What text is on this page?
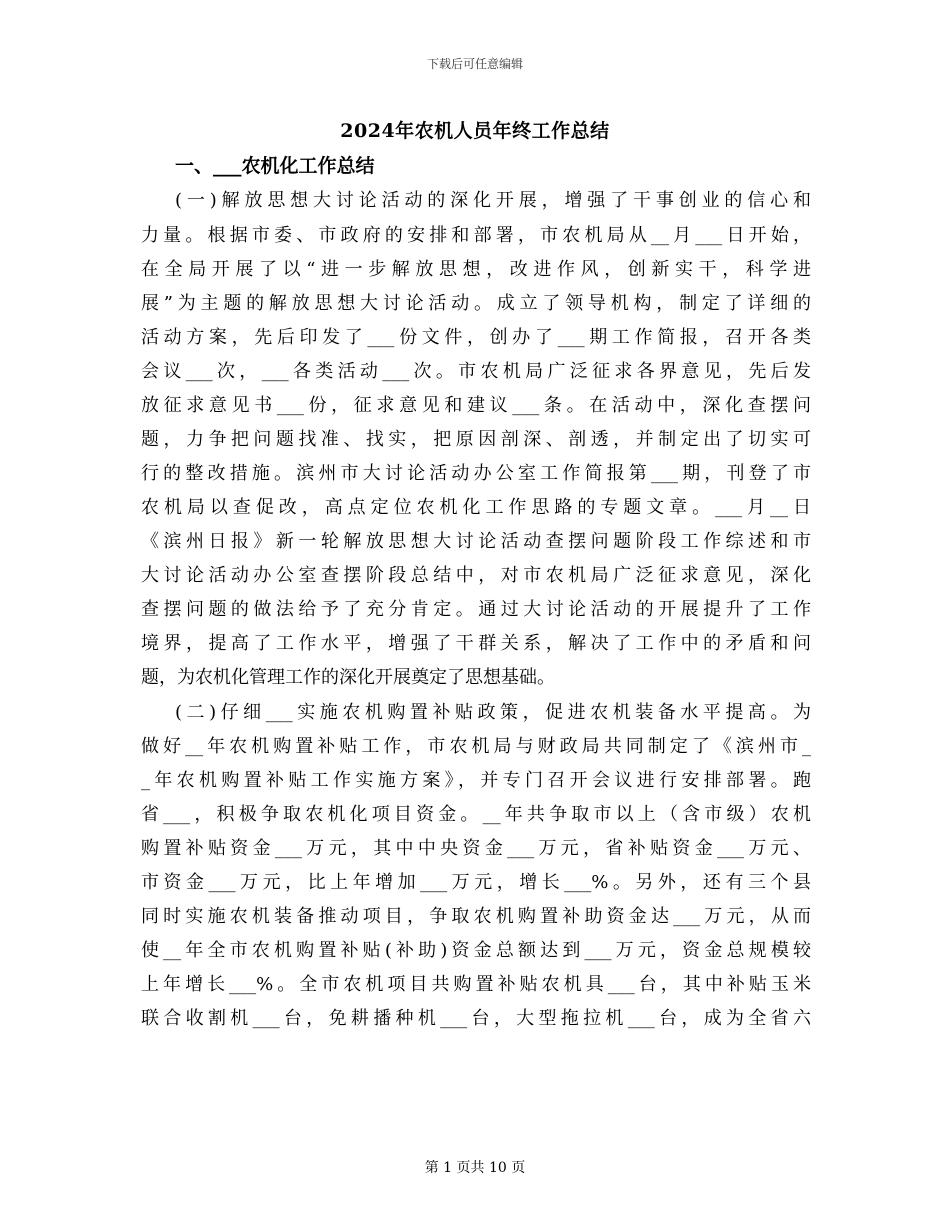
下载后可任意编辑
2024年农机人员年终工作总结
一、___农机化工作总结
(一)解放思想大讨论活动的深化开展，增强了干事创业的信心和
力量。根据市委、市政府的安排和部署，市农机局从__月___日开始，
在全局开展了以“进一步解放思想，改进作风，创新实干，科学进
展”为主题的解放思想大讨论活动。成立了领导机构，制定了详细的
活动方案，先后印发了___份文件，创办了___期工作简报，召开各类
会议___次，___各类活动___次。市农机局广泛征求各界意见，先后发
放征求意见书___份，征求意见和建议___条。在活动中，深化查摆问
题，力争把问题找准、找实，把原因剖深、剖透，并制定出了切实可
行的整改措施。滨州市大讨论活动办公室工作简报第___期，刊登了市
农机局以查促改，高点定位农机化工作思路的专题文章。___月__日
《滨州日报》新一轮解放思想大讨论活动查摆问题阶段工作综述和市
大讨论活动办公室查摆阶段总结中，对市农机局广泛征求意见，深化
查摆问题的做法给予了充分肯定。通过大讨论活动的开展提升了工作
境界，提高了工作水平，增强了干群关系，解决了工作中的矛盾和问
题，为农机化管理工作的深化开展奠定了思想基础。
(二)仔细___实施农机购置补贴政策，促进农机装备水平提高。为
做好__年农机购置补贴工作，市农机局与财政局共同制定了《滨州市_
_年农机购置补贴工作实施方案》，并专门召开会议进行安排部署。跑
省___，积极争取农机化项目资金。__年共争取市以上（含市级）农机
购置补贴资金___万元，其中中央资金___万元，省补贴资金___万元、
市资金___万元，比上年增加___万元，增长___%。另外，还有三个县
同时实施农机装备推动项目，争取农机购置补助资金达___万元，从而
使__年全市农机购置补贴(补助)资金总额达到___万元，资金总规模较
上年增长___%。全市农机项目共购置补贴农机具___台，其中补贴玉米
联合收割机___台，免耕播种机___台，大型拖拉机___台，成为全省六
第 1 页共 10 页
